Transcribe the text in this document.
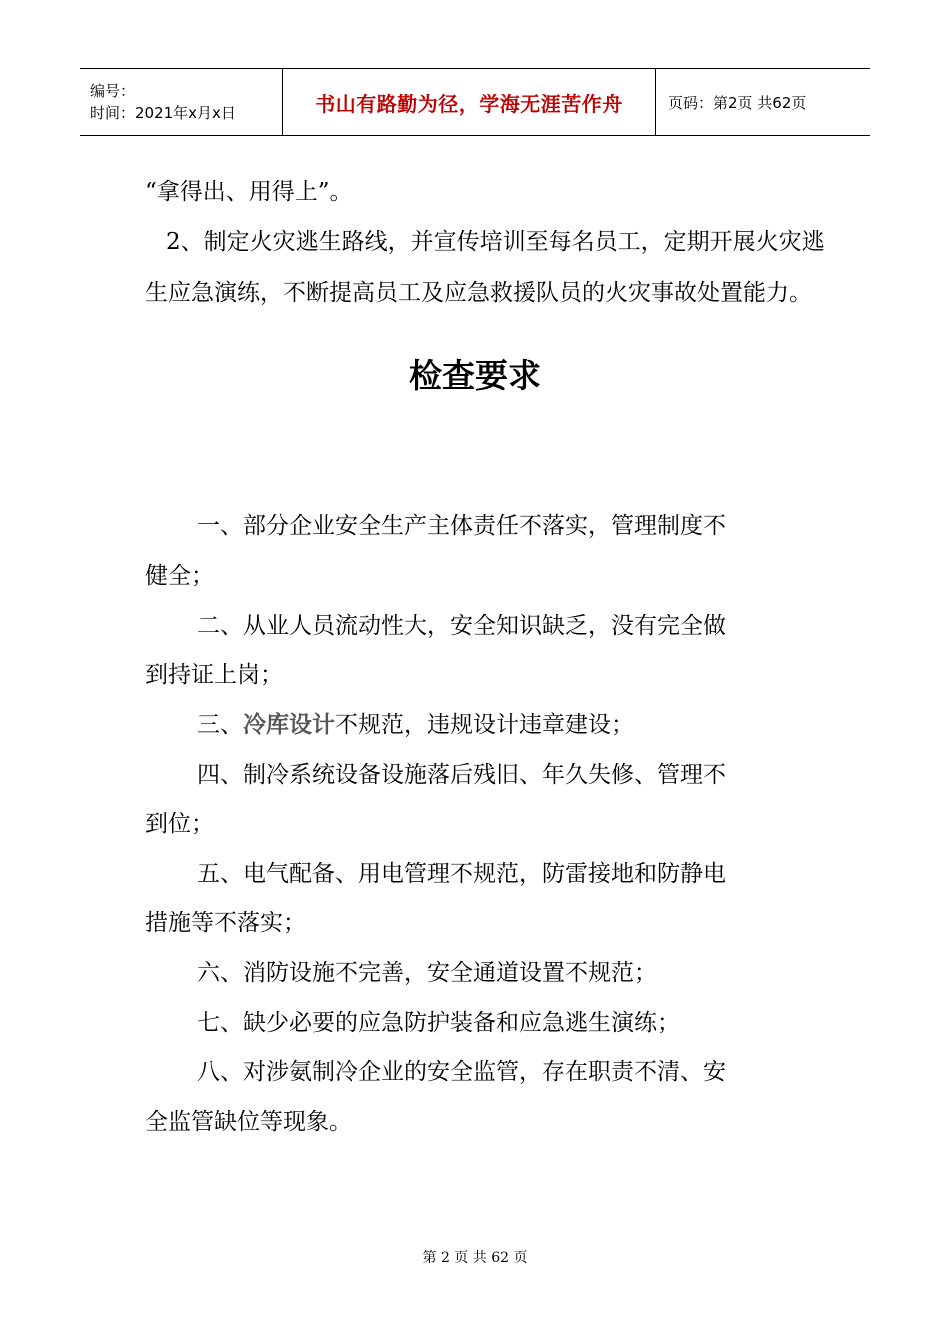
编号：
时间：2021年x月x日	书山有路勤为径，学海无涯苦作舟	页码：第2页 共62页
“拿得出、用得上”。
2、制定火灾逃生路线，并宣传培训至每名员工，定期开展火灾逃
生应急演练，不断提高员工及应急救援队员的火灾事故处置能力。
检查要求
一、部分企业安全生产主体责任不落实，管理制度不
健全；
二、从业人员流动性大，安全知识缺乏，没有完全做
到持证上岗；
三、冷库设计不规范，违规设计违章建设；
四、制冷系统设备设施落后残旧、年久失修、管理不
到位；
五、电气配备、用电管理不规范，防雷接地和防静电
措施等不落实；
六、消防设施不完善，安全通道设置不规范；
七、缺少必要的应急防护装备和应急逃生演练；
八、对涉氨制冷企业的安全监管，存在职责不清、安
全监管缺位等现象。
第 2 页 共 62 页
